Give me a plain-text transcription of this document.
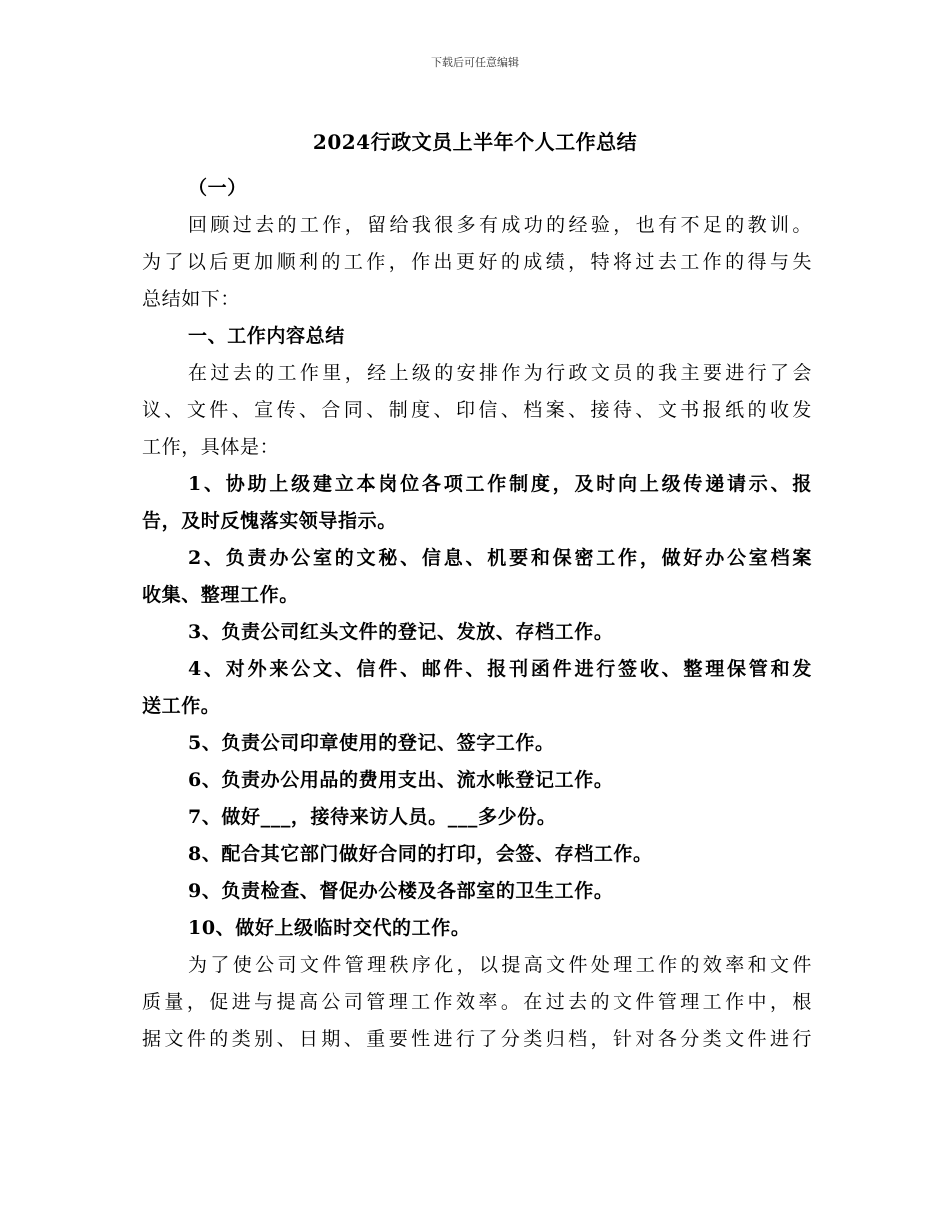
下载后可任意编辑
2024行政文员上半年个人工作总结
（一）
回顾过去的工作，留给我很多有成功的经验，也有不足的教训。
为了以后更加顺利的工作，作出更好的成绩，特将过去工作的得与失
总结如下：
一、工作内容总结
在过去的工作里，经上级的安排作为行政文员的我主要进行了会
议、文件、宣传、合同、制度、印信、档案、接待、文书报纸的收发
工作，具体是：
1、协助上级建立本岗位各项工作制度，及时向上级传递请示、报
告，及时反愧落实领导指示。
2、负责办公室的文秘、信息、机要和保密工作，做好办公室档案
收集、整理工作。
3、负责公司红头文件的登记、发放、存档工作。
4、对外来公文、信件、邮件、报刊函件进行签收、整理保管和发
送工作。
5、负责公司印章使用的登记、签字工作。
6、负责办公用品的费用支出、流水帐登记工作。
7、做好___，接待来访人员。___多少份。
8、配合其它部门做好合同的打印，会签、存档工作。
9、负责检查、督促办公楼及各部室的卫生工作。
10、做好上级临时交代的工作。
为了使公司文件管理秩序化，以提高文件处理工作的效率和文件
质量，促进与提高公司管理工作效率。在过去的文件管理工作中，根
据文件的类别、日期、重要性进行了分类归档，针对各分类文件进行
